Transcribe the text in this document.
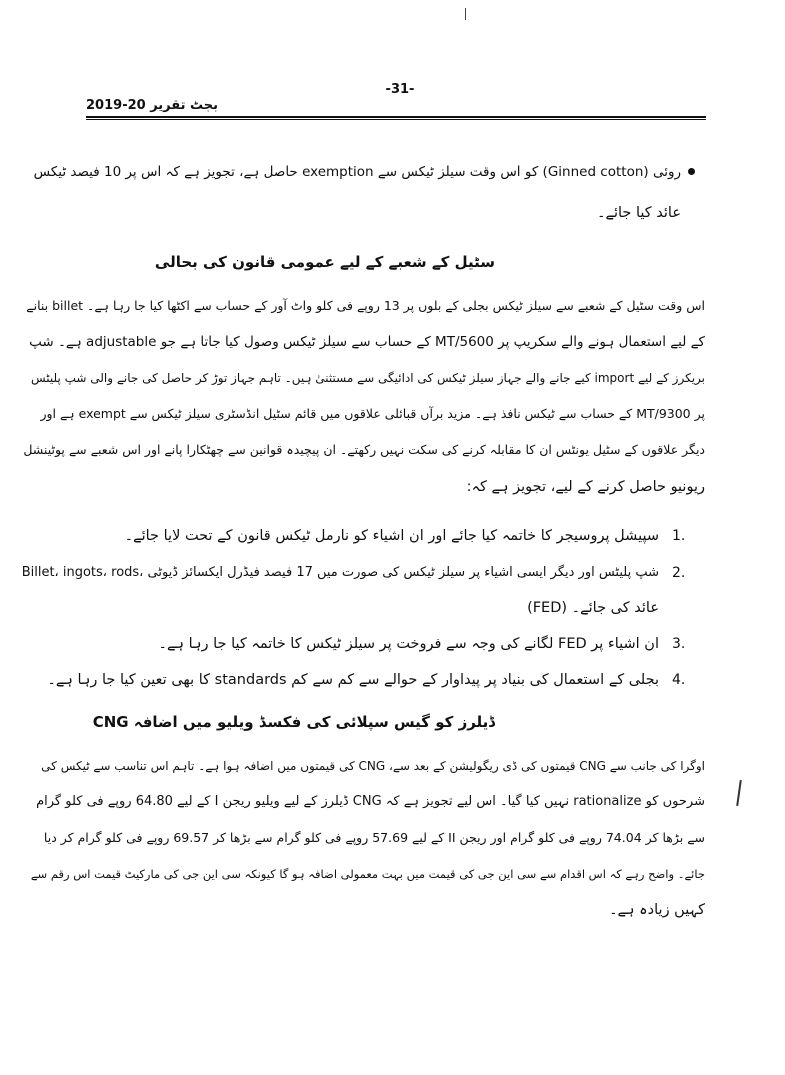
-31-
بجٹ تقریر 20-2019
روئی (Ginned cotton) کو اس وقت سیلز ٹیکس سے exemption حاصل ہے، تجویز ہے کہ اس پر 10 فیصد ٹیکس
عائد کیا جائے۔
سٹیل کے شعبے کے لیے عمومی قانون کی بحالی
اس وقت سٹیل کے شعبے سے سیلز ٹیکس بجلی کے بلوں پر 13 روپے فی کلو واٹ آور کے حساب سے اکٹھا کیا جا رہا ہے۔ billet بنانے
کے لیے استعمال ہونے والے سکریپ پر MT/5600 کے حساب سے سیلز ٹیکس وصول کیا جاتا ہے جو adjustable ہے۔ شپ
بریکرز کے لیے import کیے جانے والے جہاز سیلز ٹیکس کی ادائیگی سے مستثنیٰ ہیں۔ تاہم جہاز توڑ کر حاصل کی جانے والی شپ پلیٹس
پر MT/9300 کے حساب سے ٹیکس نافذ ہے۔ مزید برآں قبائلی علاقوں میں قائم سٹیل انڈسٹری سیلز ٹیکس سے exempt ہے اور
دیگر علاقوں کے سٹیل یونٹس ان کا مقابلہ کرنے کی سکت نہیں رکھتے۔ ان پیچیدہ قوانین سے چھٹکارا پانے اور اس شعبے سے پوٹینشل
ریونیو حاصل کرنے کے لیے، تجویز ہے کہ:
1.
سپیشل پروسیجر کا خاتمہ کیا جائے اور ان اشیاء کو نارمل ٹیکس قانون کے تحت لایا جائے۔
2.
Billet، ingots، rods، شپ پلیٹس اور دیگر ایسی اشیاء پر سیلز ٹیکس کی صورت میں 17 فیصد فیڈرل ایکسائز ڈیوٹی
(FED) عائد کی جائے۔
3.
ان اشیاء پر FED لگانے کی وجہ سے فروخت پر سیلز ٹیکس کا خاتمہ کیا جا رہا ہے۔
4.
بجلی کے استعمال کی بنیاد پر پیداوار کے حوالے سے کم سے کم standards کا بھی تعین کیا جا رہا ہے۔
CNG ڈیلرز کو گیس سپلائی کی فکسڈ ویلیو میں اضافہ
اوگرا کی جانب سے CNG قیمتوں کی ڈی ریگولیشن کے بعد سے، CNG کی قیمتوں میں اضافہ ہوا ہے۔ تاہم اس تناسب سے ٹیکس کی
شرحوں کو rationalize نہیں کیا گیا۔ اس لیے تجویز ہے کہ CNG ڈیلرز کے لیے ویلیو ریجن I کے لیے 64.80 روپے فی کلو گرام
سے بڑھا کر 74.04 روپے فی کلو گرام اور ریجن II کے لیے 57.69 روپے فی کلو گرام سے بڑھا کر 69.57 روپے فی کلو گرام کر دیا
جائے۔ واضح رہے کہ اس اقدام سے سی این جی کی قیمت میں بہت معمولی اضافہ ہو گا کیونکہ سی این جی کی مارکیٹ قیمت اس رقم سے
کہیں زیادہ ہے۔
